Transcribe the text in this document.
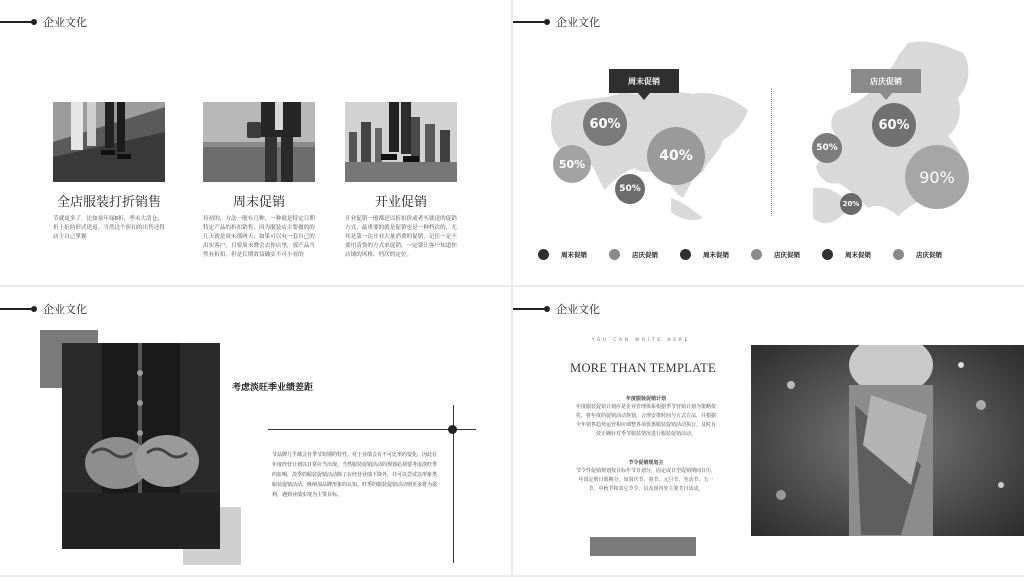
企业文化
全店服装打折销售
节就更多了，比如童年绿8折，季末大清仓，折上折的形式送返。当然这个折扣的出售还得店主自己掌握
周末促销
待初的，方法一般有几种，一种就是特定日期特定产品的折扣销售，因为服装店主要做的的几天就是周末那两天，如果可以有一套自己的出实客户，只要周末叠会去你店里，那产品当然有折扣，但是长期效益确实不可小看的
开业促销
开业促销一般都是以折扣价或者买就送的促销方式，最重要的就是促销也是一种档次的，尤其是第一次开业大量消费的促销，记住一定不要用清货的方式来促销，一定要让客户知道你店铺的风格、档次的定位。
企业文化
周末促销	店庆促销
60%
50%
50%
40%	50%
60%
20%
90%
周末促销	店庆促销	周末促销	店庆促销	周末促销	店庆促销
企业文化
考虑淡旺季业绩差距
节品牌几乎都会有季节短期的特性。对于业绩会有不可比率的变化，因此在年度经营计划以日常应当出现。当然服装促销活动的规划必须要考虑淡旺季的影响，淡季的服装促销活动除了在经营业绩下降外，并可以尝试以形象类服装促销活动，吸纳加品牌形象的认知。旺季的服装促销活动则更多将为盈利，遇到业绩实现为主要目标。
企业文化
YOU CAN WRITE HERE
MORE THAN TEMPLATE
年度服装促销计划
年度服装促销计划应是企业管理体系根据季节营销计划为策略依托，将年度的促销活动规划，合理安排时间与方式方法，并根据全年销售趋势运营相应调整各项优惠服装促销活动执行，及时有效正确针对季节服装情况进行服装促销活动。
节令促销规划主
节令性促销规划按目标年节日划分，固定或日型促销期间日历，年国定假日假期分，如国庆节、春节、元旦节、劳动节、五一节、中秋节和其它节令，以及国内外主要节日活动。
